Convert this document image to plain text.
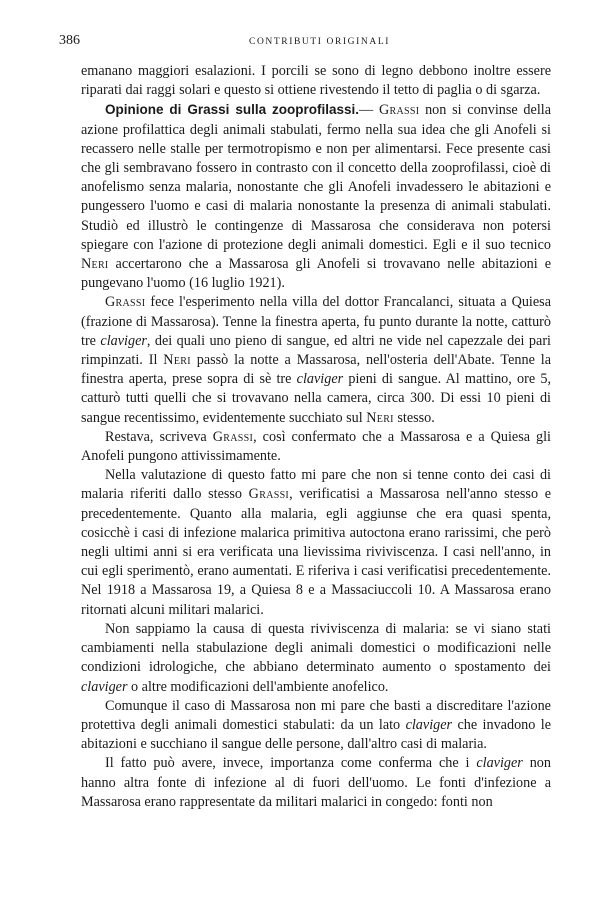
386	CONTRIBUTI ORIGINALI

emanano maggiori esalazioni. I porcili se sono di legno debbono inoltre essere riparati dai raggi solari e questo si ottiene rivestendo il tetto di paglia o di sgarza.

Opinione di Grassi sulla zooprofilassi.— Grassi non si convinse della azione profilattica degli animali stabulati, fermo nella sua idea che gli Anofeli si recassero nelle stalle per termotropismo e non per alimentarsi. Fece presente casi che gli sembravano fossero in contrasto con il concetto della zooprofilassi, cioè di anofelismo senza malaria, nonostante che gli Anofeli invadessero le abitazioni e pungessero l'uomo e casi di malaria nonostante la presenza di animali stabulati. Studiò ed illustrò le contingenze di Massarosa che considerava non potersi spiegare con l'azione di protezione degli animali domestici. Egli e il suo tecnico Neri accertarono che a Massarosa gli Anofeli si trovavano nelle abitazioni e pungevano l'uomo (16 luglio 1921).

Grassi fece l'esperimento nella villa del dottor Francalanci, situata a Quiesa (frazione di Massarosa). Tenne la finestra aperta, fu punto durante la notte, catturò tre claviger, dei quali uno pieno di sangue, ed altri ne vide nel capezzale dei pari rimpinzati. Il Neri passò la notte a Massarosa, nell'osteria dell'Abate. Tenne la finestra aperta, prese sopra di sè tre claviger pieni di sangue. Al mattino, ore 5, catturò tutti quelli che si trovavano nella camera, circa 300. Di essi 10 pieni di sangue recentissimo, evidentemente succhiato sul Neri stesso.

Restava, scriveva Grassi, così confermato che a Massarosa e a Quiesa gli Anofeli pungono attivissimamente.

Nella valutazione di questo fatto mi pare che non si tenne conto dei casi di malaria riferiti dallo stesso Grassi, verificatisi a Massarosa nell'anno stesso e precedentemente. Quanto alla malaria, egli aggiunse che era quasi spenta, cosicchè i casi di infezione malarica primitiva autoctona erano rarissimi, che però negli ultimi anni si era verificata una lievissima riviviscenza. I casi nell'anno, in cui egli sperimentò, erano aumentati. E riferiva i casi verificatisi precedentemente. Nel 1918 a Massarosa 19, a Quiesa 8 e a Massaciuccoli 10. A Massarosa erano ritornati alcuni militari malarici.

Non sappiamo la causa di questa riviviscenza di malaria: se vi siano stati cambiamenti nella stabulazione degli animali domestici o modificazioni nelle condizioni idrologiche, che abbiano determinato aumento o spostamento dei claviger o altre modificazioni dell'ambiente anofelico.

Comunque il caso di Massarosa non mi pare che basti a discreditare l'azione protettiva degli animali domestici stabulati: da un lato claviger che invadono le abitazioni e succhiano il sangue delle persone, dall'altro casi di malaria.

Il fatto può avere, invece, importanza come conferma che i claviger non hanno altra fonte di infezione al di fuori dell'uomo. Le fonti d'infezione a Massarosa erano rappresentate da militari malarici in congedo: fonti non
